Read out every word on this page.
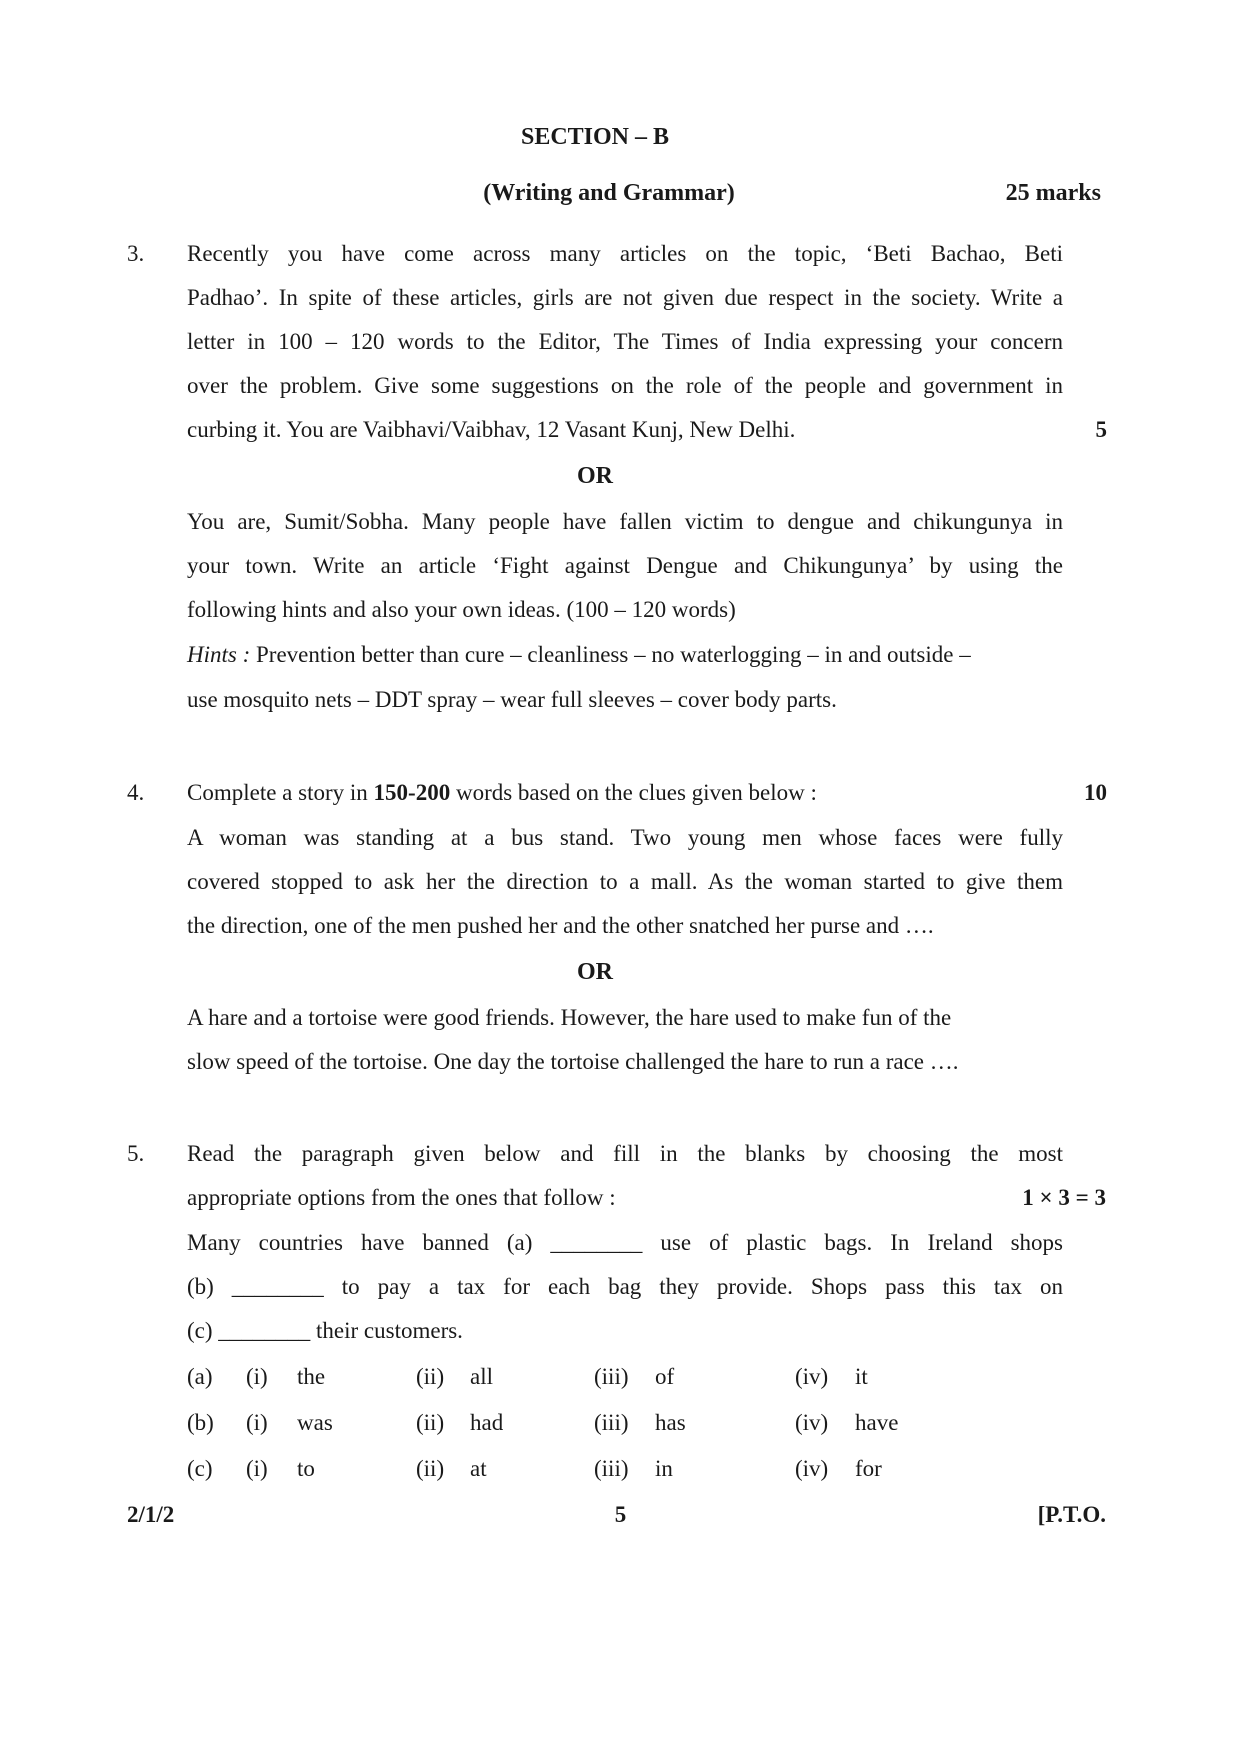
SECTION – B
(Writing and Grammar)	25 marks
3. Recently you have come across many articles on the topic, ‘Beti Bachao, Beti
Padhao’. In spite of these articles, girls are not given due respect in the society. Write a
letter in 100 – 120 words to the Editor, The Times of India expressing your concern
over the problem. Give some suggestions on the role of the people and government in
curbing it. You are Vaibhavi/Vaibhav, 12 Vasant Kunj, New Delhi.	5
OR
You are, Sumit/Sobha. Many people have fallen victim to dengue and chikungunya in
your town. Write an article ‘Fight against Dengue and Chikungunya’ by using the
following hints and also your own ideas. (100 – 120 words)
Hints : Prevention better than cure – cleanliness – no waterlogging – in and outside –
use mosquito nets – DDT spray – wear full sleeves – cover body parts.
4. Complete a story in 150-200 words based on the clues given below :	10
A woman was standing at a bus stand. Two young men whose faces were fully
covered stopped to ask her the direction to a mall. As the woman started to give them
the direction, one of the men pushed her and the other snatched her purse and ….
OR
A hare and a tortoise were good friends. However, the hare used to make fun of the
slow speed of the tortoise. One day the tortoise challenged the hare to run a race ….
5. Read the paragraph given below and fill in the blanks by choosing the most
appropriate options from the ones that follow :	1 × 3 = 3
Many countries have banned (a) ________ use of plastic bags. In Ireland shops
(b) ________ to pay a tax for each bag they provide. Shops pass this tax on
(c) ________ their customers.
(a) (i) the	(ii) all	(iii) of	(iv) it
(b) (i) was	(ii) had	(iii) has	(iv) have
(c) (i) to	(ii) at	(iii) in	(iv) for
2/1/2	5	[P.T.O.
